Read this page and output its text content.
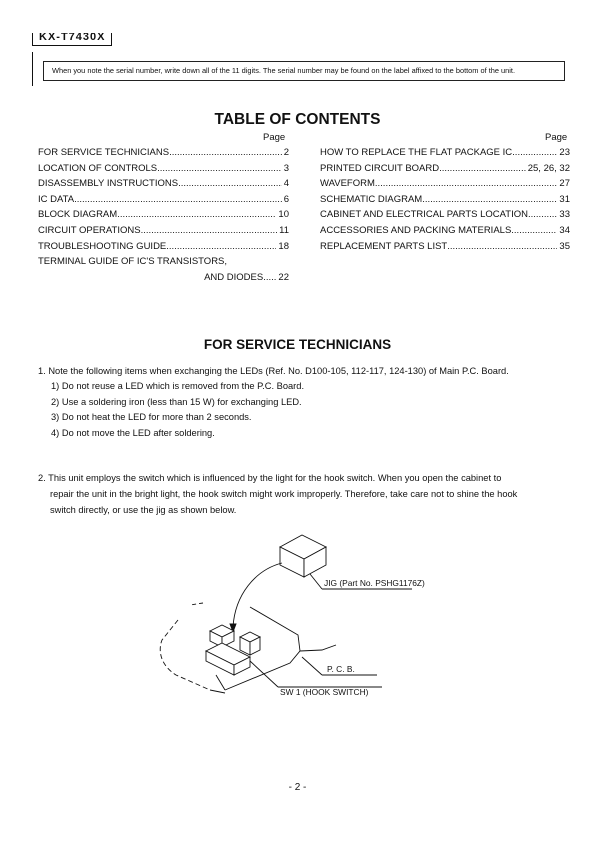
KX-T7430X
When you note the serial number, write down all of the 11 digits. The serial number may be found on the label affixed to the bottom of the unit.
TABLE OF CONTENTS
Page	Page
FOR SERVICE TECHNICIANS .....	2
LOCATION OF CONTROLS .....	3
DISASSEMBLY INSTRUCTIONS .....	4
IC DATA .....	6
BLOCK DIAGRAM .....	10
CIRCUIT OPERATIONS .....	11
TROUBLESHOOTING GUIDE .....	18
TERMINAL GUIDE OF IC'S TRANSISTORS,
AND DIODES ..... 22
HOW TO REPLACE THE FLAT PACKAGE IC .....	23
PRINTED CIRCUIT BOARD .....	25, 26, 32
WAVEFORM .....	27
SCHEMATIC DIAGRAM .....	31
CABINET AND ELECTRICAL PARTS LOCATION .....	33
ACCESSORIES AND PACKING MATERIALS .....	34
REPLACEMENT PARTS LIST .....	35
FOR SERVICE TECHNICIANS
1. Note the following items when exchanging the LEDs (Ref. No. D100-105, 112-117, 124-130) of Main P.C. Board.
1) Do not reuse a LED which is removed from the P.C. Board.
2) Use a soldering iron (less than 15 W) for exchanging LED.
3) Do not heat the LED for more than 2 seconds.
4) Do not move the LED after soldering.
2. This unit employs the switch which is influenced by the light for the hook switch. When you open the cabinet to
repair the unit in the bright light, the hook switch might work improperly. Therefore, take care not to shine the hook
switch directly, or use the jig as shown below.
JIG (Part No. PSHG1176Z)
P. C. B.
SW 1 (HOOK SWITCH)
- 2 -
